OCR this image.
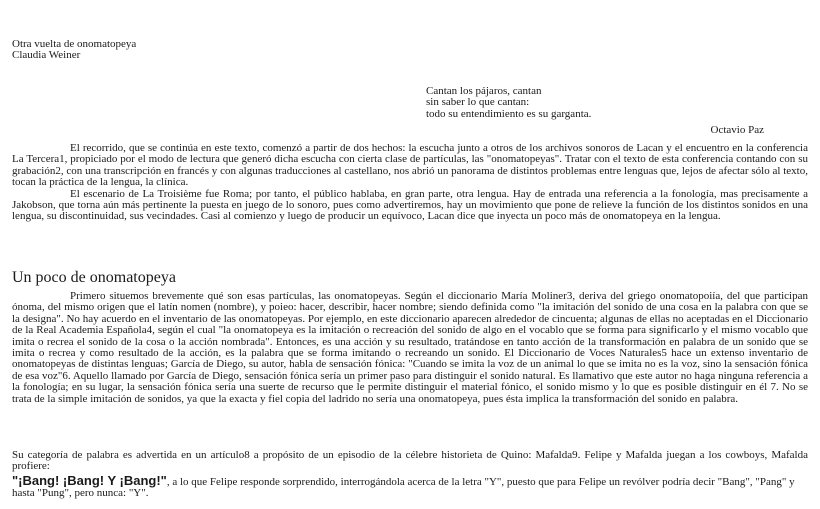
Otra vuelta de onomatopeya
Claudia Weiner
Cantan los pájaros, cantan
sin saber lo que cantan:
todo su entendimiento es su garganta.
Octavio Paz

El recorrido, que se continúa en este texto, comenzó a partir de dos hechos: la escucha junto a otros de los archivos sonoros de Lacan y el encuentro en la conferencia La Tercera1, propiciado por el modo de lectura que generó dicha escucha con cierta clase de partículas, las "onomatopeyas". Tratar con el texto de esta conferencia contando con su grabación2, con una transcripción en francés y con algunas traducciones al castellano, nos abrió un panorama de distintos problemas entre lenguas que, lejos de afectar sólo al texto, tocan la práctica de la lengua, la clínica.

El escenario de La Troisième fue Roma; por tanto, el público hablaba, en gran parte, otra lengua. Hay de entrada una referencia a la fonología, mas precisamente a Jakobson, que torna aún más pertinente la puesta en juego de lo sonoro, pues como advertiremos, hay un movimiento que pone de relieve la función de los distintos sonidos en una lengua, su discontinuidad, sus vecindades. Casi al comienzo y luego de producir un equívoco, Lacan dice que inyecta un poco más de onomatopeya en la lengua.

Un poco de onomatopeya

Primero situemos brevemente qué son esas partículas, las onomatopeyas. Según el diccionario María Moliner3, deriva del griego onomatopoiía, del que participan ónoma, del mismo origen que el latín nomen (nombre), y poieo: hacer, describir, hacer nombre; siendo definida como "la imitación del sonido de una cosa en la palabra con que se la designa". No hay acuerdo en el inventario de las onomatopeyas. Por ejemplo, en este diccionario aparecen alrededor de cincuenta; algunas de ellas no aceptadas en el Diccionario de la Real Academia Española4, según el cual "la onomatopeya es la imitación o recreación del sonido de algo en el vocablo que se forma para significarlo y el mismo vocablo que imita o recrea el sonido de la cosa o la acción nombrada". Entonces, es una acción y su resultado, tratándose en tanto acción de la transformación en palabra de un sonido que se imita o recrea y como resultado de la acción, es la palabra que se forma imitando o recreando un sonido. El Diccionario de Voces Naturales5 hace un extenso inventario de onomatopeyas de distintas lenguas; García de Diego, su autor, habla de sensación fónica: "Cuando se imita la voz de un animal lo que se imita no es la voz, sino la sensación fónica de esa voz"6. Aquello llamado por García de Diego, sensación fónica sería un primer paso para distinguir el sonido natural. Es llamativo que este autor no haga ninguna referencia a la fonología; en su lugar, la sensación fónica sería una suerte de recurso que le permite distinguir el material fónico, el sonido mismo y lo que es posible distinguir en él 7. No se trata de la simple imitación de sonidos, ya que la exacta y fiel copia del ladrido no sería una onomatopeya, pues ésta implica la transformación del sonido en palabra.

Su categoría de palabra es advertida en un artículo8 a propósito de un episodio de la célebre historieta de Quino: Mafalda9. Felipe y Mafalda juegan a los cowboys, Mafalda profiere:

"¡Bang! ¡Bang! Y ¡Bang!", a lo que Felipe responde sorprendido, interrogándola acerca de la letra "Y", puesto que para Felipe un revólver podría decir "Bang", "Pang" y hasta "Pung", pero nunca: "Y".
